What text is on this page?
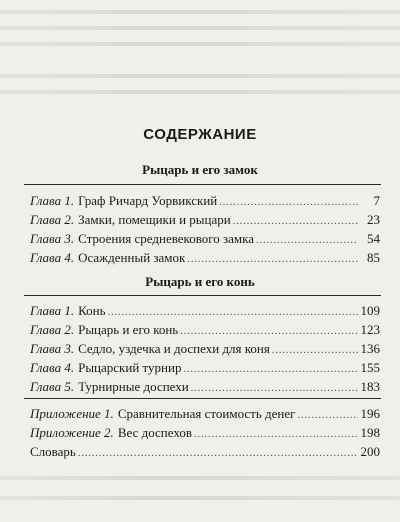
СОДЕРЖАНИЕ
Рыцарь и его замок
Глава 1. Граф Ричард Уорвикский .....	7
Глава 2. Замки, помещики и рыцари .....	23
Глава 3. Строения средневекового замка .....	54
Глава 4. Осажденный замок .....	85
Рыцарь и его конь
Глава 1. Конь .....	109
Глава 2. Рыцарь и его конь .....	123
Глава 3. Седло, уздечка и доспехи для коня .....	136
Глава 4. Рыцарский турнир .....	155
Глава 5. Турнирные доспехи .....	183
Приложение 1. Сравнительная стоимость денег .....	196
Приложение 2. Вес доспехов .....	198
Словарь .....	200
